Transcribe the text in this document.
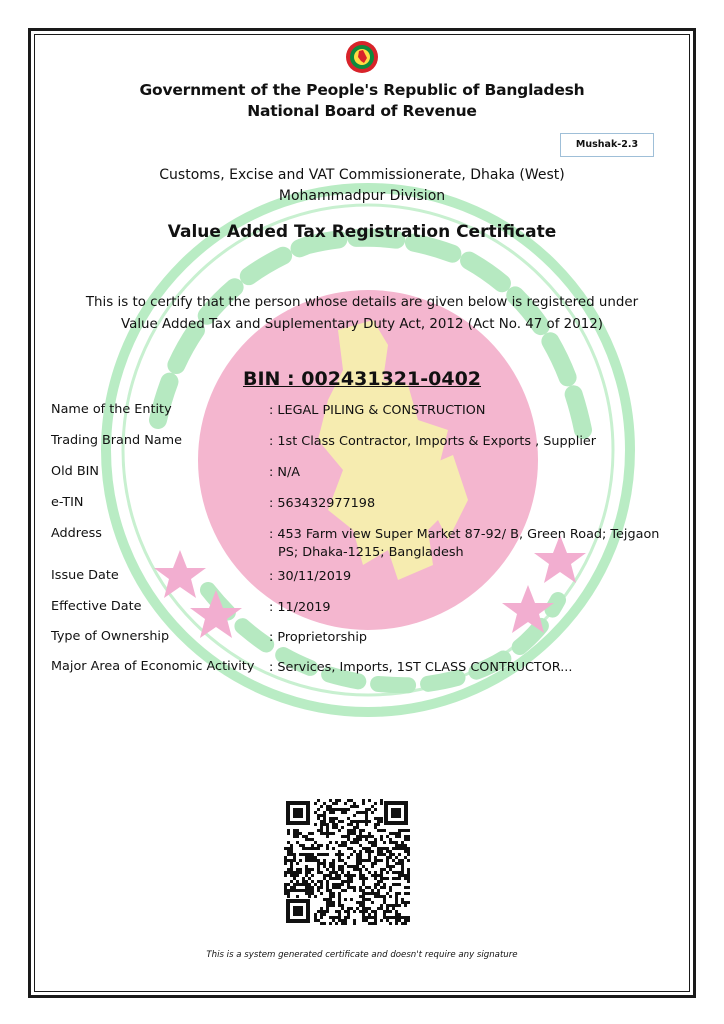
Government of the People's Republic of Bangladesh
National Board of Revenue
Mushak-2.3
Customs, Excise and VAT Commissionerate, Dhaka (West)
Mohammadpur Division
Value Added Tax Registration Certificate
This is to certify that the person whose details are given below is registered under
Value Added Tax and Suplementary Duty Act, 2012 (Act No. 47 of 2012)
BIN : 002431321-0402
Name of the Entity	: LEGAL PILING & CONSTRUCTION
Trading Brand Name	: 1st Class Contractor, Imports & Exports , Supplier
Old BIN	: N/A
e-TIN	: 563432977198
Address	: 453 Farm view Super Market 87-92/ B, Green Road; Tejgaon
PS; Dhaka-1215; Bangladesh
Issue Date	: 30/11/2019
Effective Date	: 11/2019
Type of Ownership	: Proprietorship
Major Area of Economic Activity	: Services, Imports, 1ST CLASS CONTRUCTOR...
This is a system generated certificate and doesn't require any signature
